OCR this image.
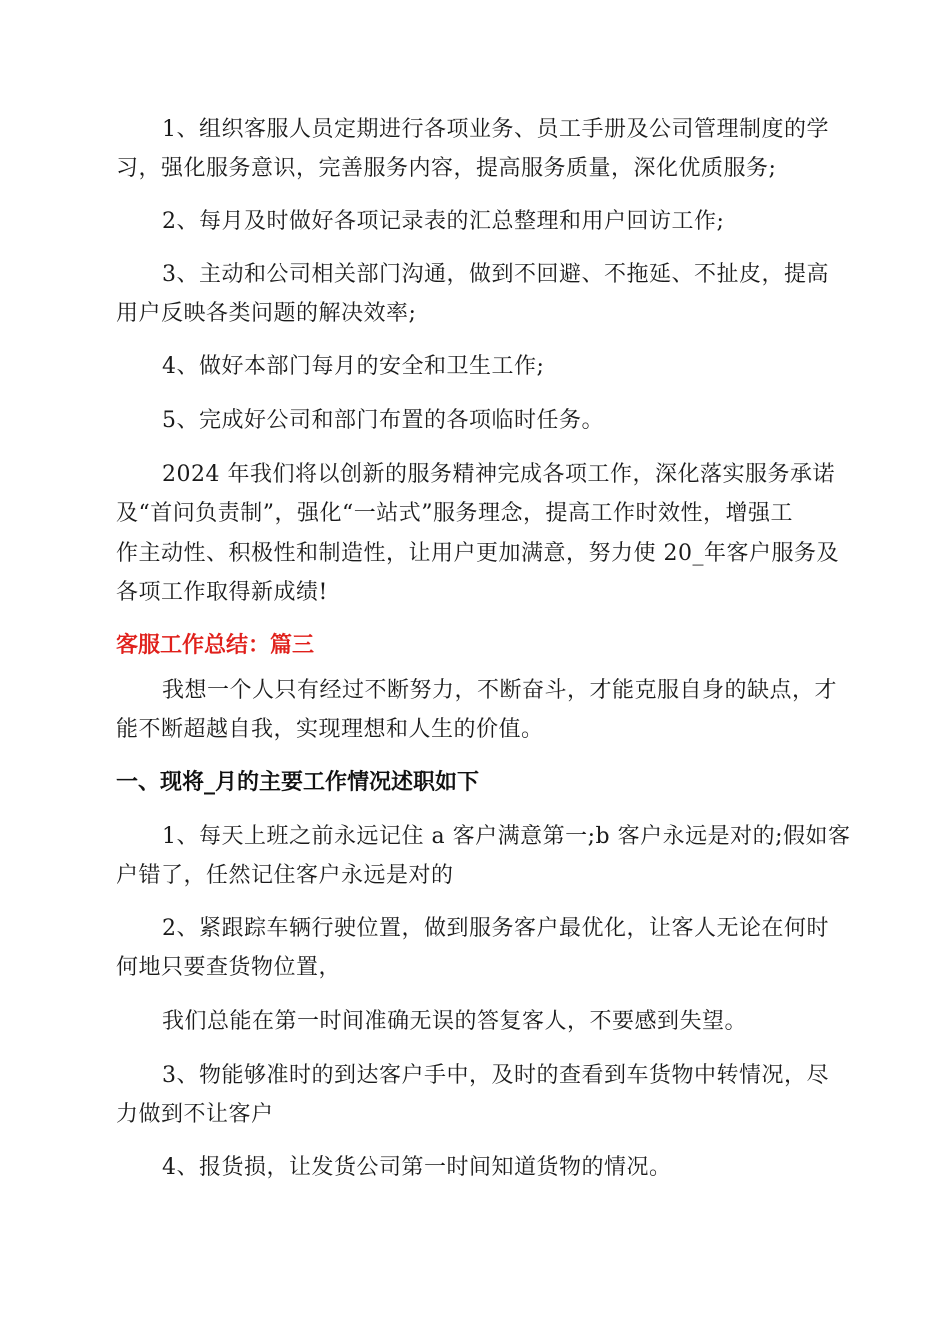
1、组织客服人员定期进行各项业务、员工手册及公司管理制度的学
习，强化服务意识，完善服务内容，提高服务质量，深化优质服务;
2、每月及时做好各项记录表的汇总整理和用户回访工作;
3、主动和公司相关部门沟通，做到不回避、不拖延、不扯皮，提高
用户反映各类问题的解决效率;
4、做好本部门每月的安全和卫生工作;
5、完成好公司和部门布置的各项临时任务。
2024 年我们将以创新的服务精神完成各项工作，深化落实服务承诺
及“首问负责制”，强化“一站式”服务理念，提高工作时效性，增强工
作主动性、积极性和制造性，让用户更加满意，努力使 20_年客户服务及
各项工作取得新成绩!
客服工作总结：篇三
我想一个人只有经过不断努力，不断奋斗，才能克服自身的缺点，才
能不断超越自我，实现理想和人生的价值。
一、现将_月的主要工作情况述职如下
1、每天上班之前永远记住 a 客户满意第一;b 客户永远是对的;假如客
户错了，任然记住客户永远是对的
2、紧跟踪车辆行驶位置，做到服务客户最优化，让客人无论在何时
何地只要查货物位置，
我们总能在第一时间准确无误的答复客人，不要感到失望。
3、物能够准时的到达客户手中，及时的查看到车货物中转情况，尽
力做到不让客户
4、报货损，让发货公司第一时间知道货物的情况。
